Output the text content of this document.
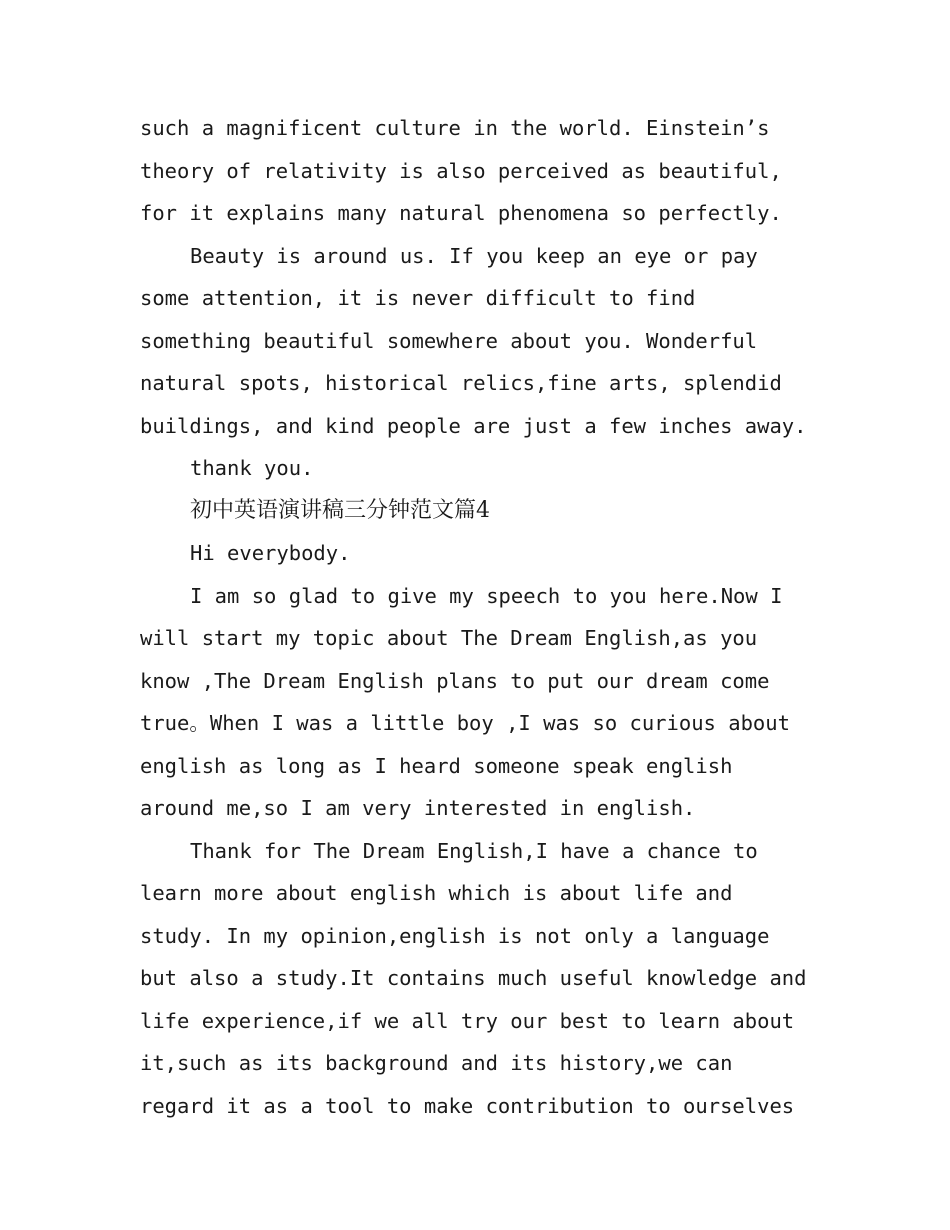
such a magnificent culture in the world. Einstein’s

theory of relativity is also perceived as beautiful,

for it explains many natural phenomena so perfectly.

Beauty is around us. If you keep an eye or pay

some attention, it is never difficult to find

something beautiful somewhere about you. Wonderful

natural spots, historical relics,fine arts, splendid

buildings, and kind people are just a few inches away.

thank you.

初中英语演讲稿三分钟范文篇4

Hi everybody.

I am so glad to give my speech to you here.Now I

will start my topic about The Dream English,as you

know ,The Dream English plans to put our dream come

true。When I was a little boy ,I was so curious about

english as long as I heard someone speak english

around me,so I am very interested in english.

Thank for The Dream English,I have a chance to

learn more about english which is about life and

study. In my opinion,english is not only a language

but also a study.It contains much useful knowledge and

life experience,if we all try our best to learn about

it,such as its background and its history,we can

regard it as a tool to make contribution to ourselves
